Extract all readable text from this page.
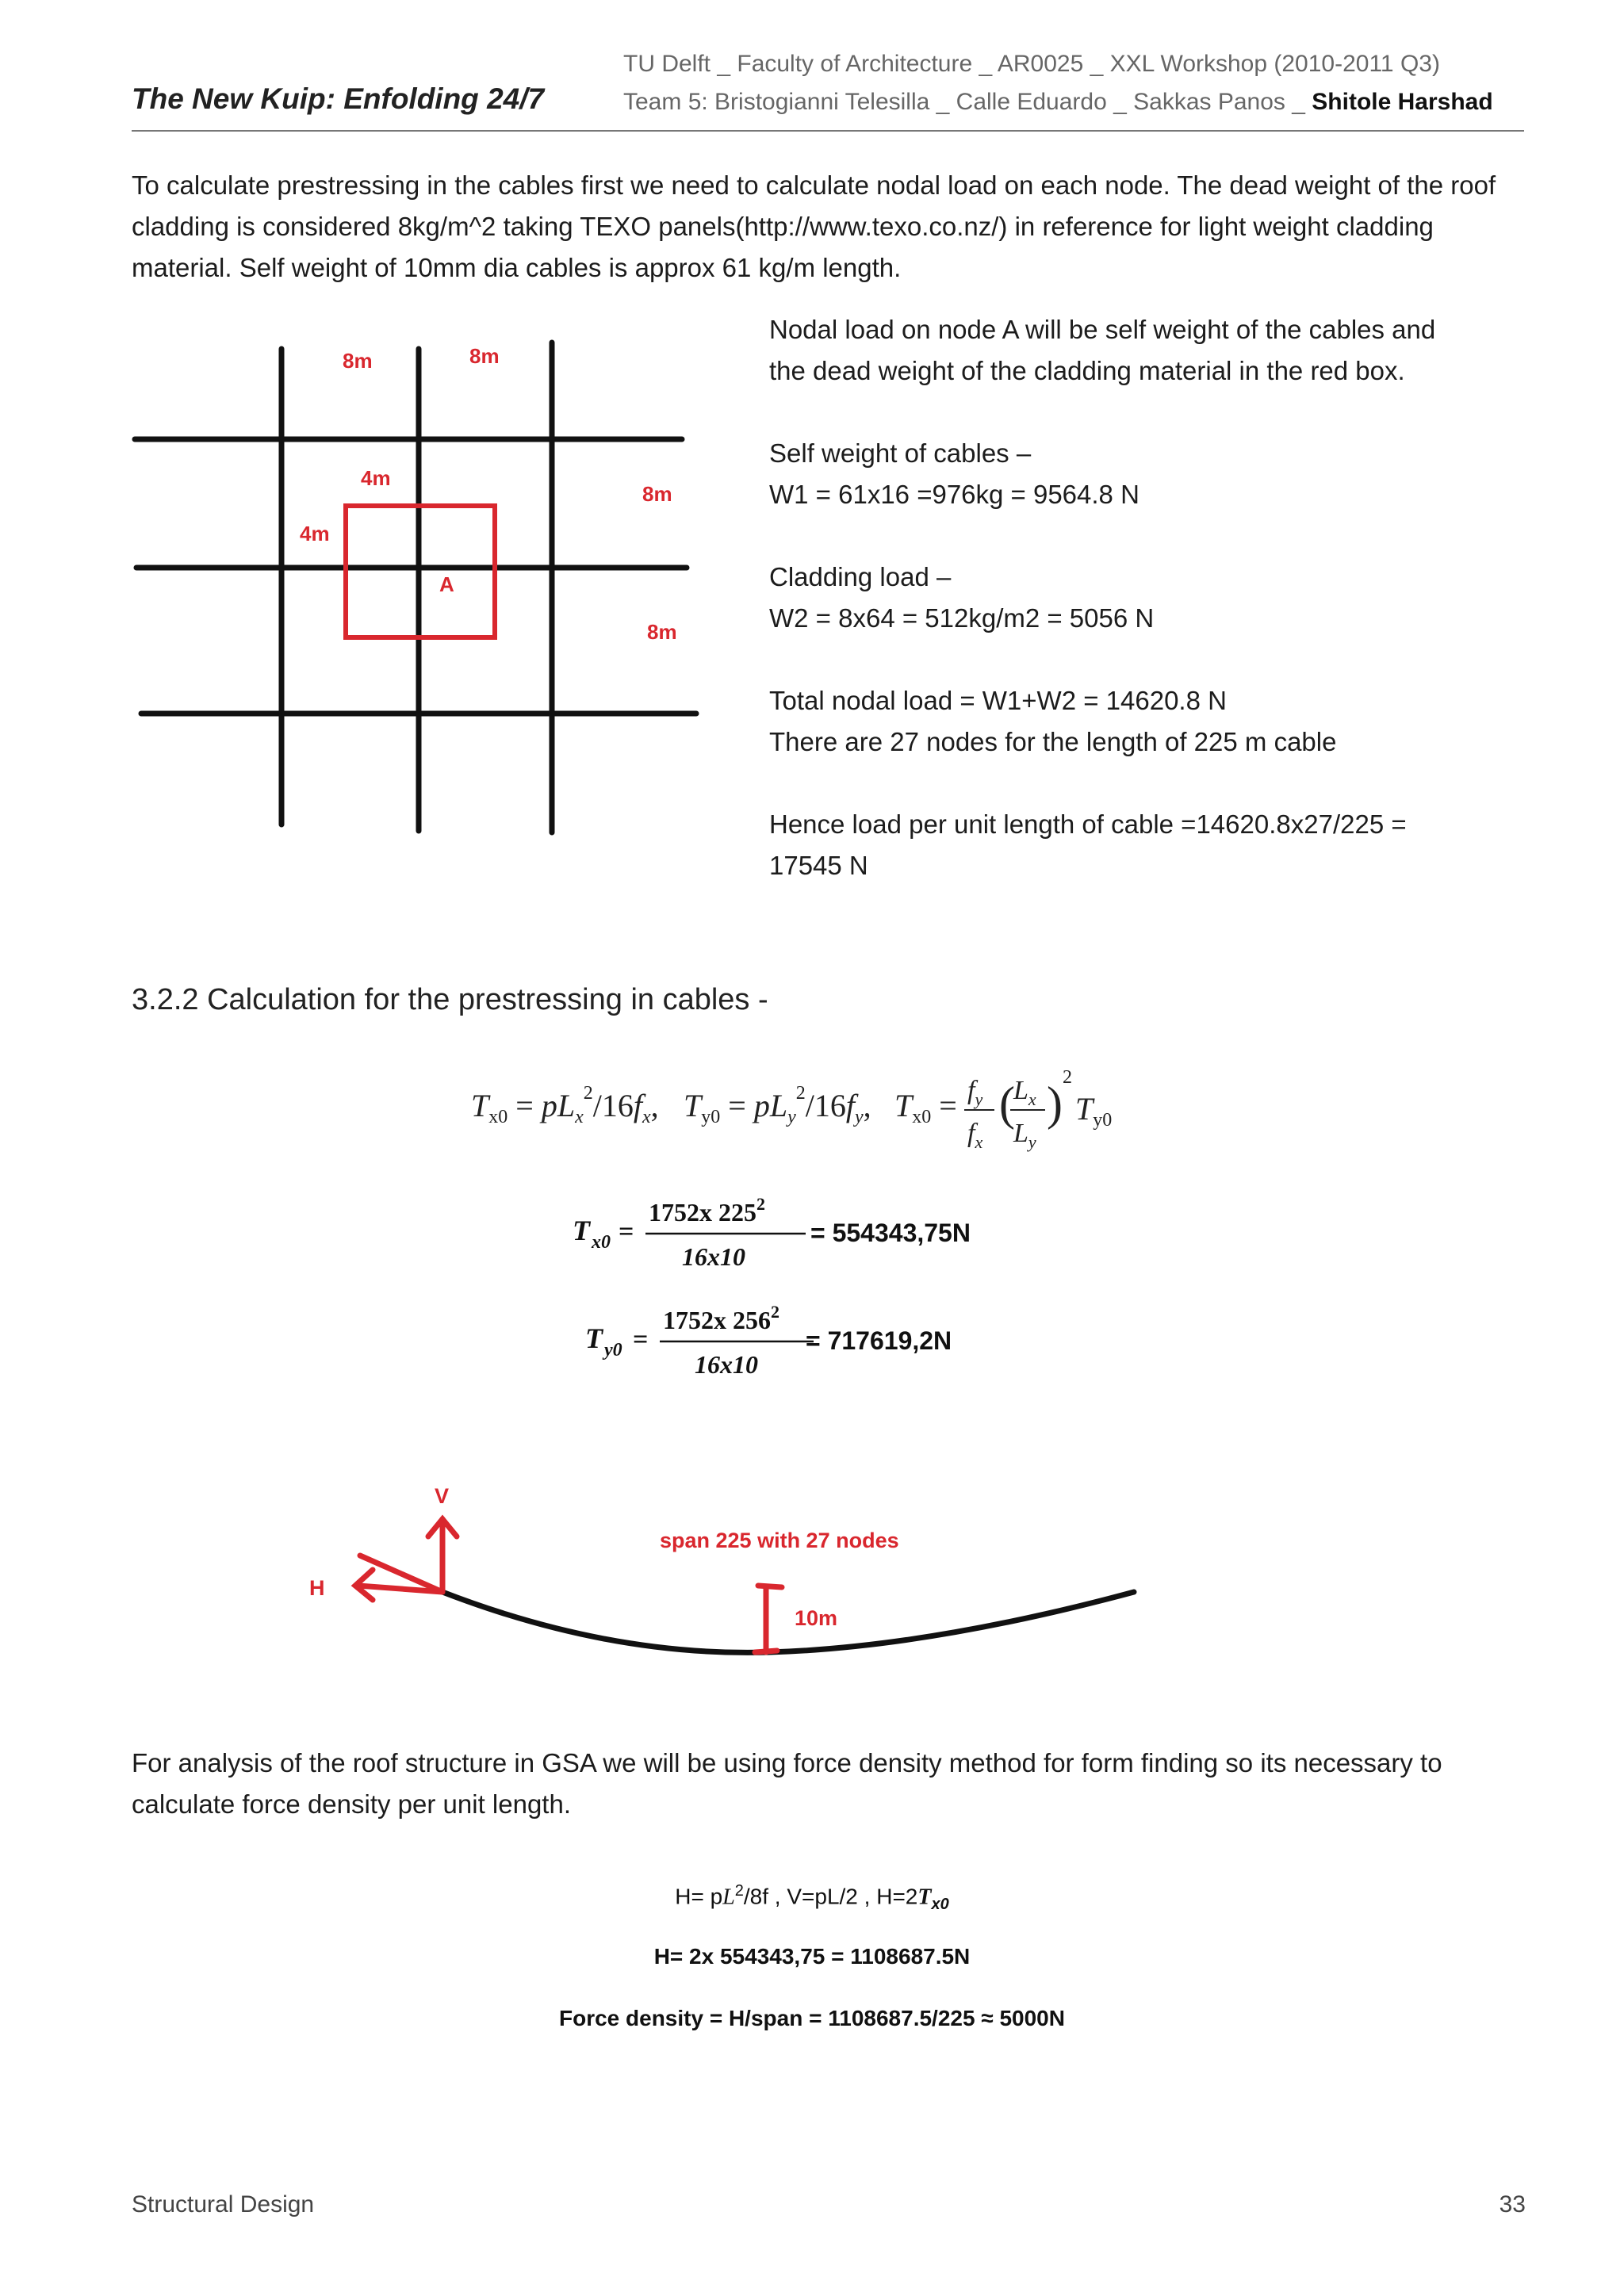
The New Kuip: Enfolding 24/7
TU Delft _ Faculty of Architecture _ AR0025 _ XXL Workshop (2010-2011 Q3)
Team 5: Bristogianni Telesilla _ Calle Eduardo _ Sakkas Panos _ Shitole Harshad

To calculate prestressing in the cables first we need to calculate nodal load on each node. The dead weight of the roof cladding is considered 8kg/m^2 taking TEXO panels(http://www.texo.co.nz/) in reference for light weight cladding material. Self weight of 10mm dia cables is approx 61 kg/m length.

8m	8m
4m
4m
8m
8m
A

Nodal load on node A will be self weight of the cables and

the dead weight of the cladding material in the red box.

Self weight of cables –

W1 = 61x16 =976kg = 9564.8 N

Cladding load –

W2 = 8x64 = 512kg/m2 = 5056 N

Total nodal load = W1+W2 = 14620.8 N

There are 27 nodes for the length of 225 m cable

Hence load per unit length of cable =14620.8x27/225 =

17545 N

3.2.2 Calculation for the prestressing in cables -
$T_{x0} = pL_x^2/16f_x$, $T_{y0} = pL_y^2/16f_y$, $T_{x0} = f_y$
$f_x$
(
$L_x$
$L_y$
) 2
$T_{y0}$
T x0 =
1752x $225^2$
16x10
= 554343,75N
T y0 =
1752x $256^2$
16x10
= 717619,2N
V
H
span 225 with 27 nodes
10m

For analysis of the roof structure in GSA we will be using force density method for form finding so its necessary to calculate force density per unit length.

$H= pL^2/8f$ , V=pL/2 , $H=2T_{x0}$
H= 2x 554343,75 = 1108687.5N
Force density = H/span = 1108687.5/225 ≈ 5000N
Structural Design	33
